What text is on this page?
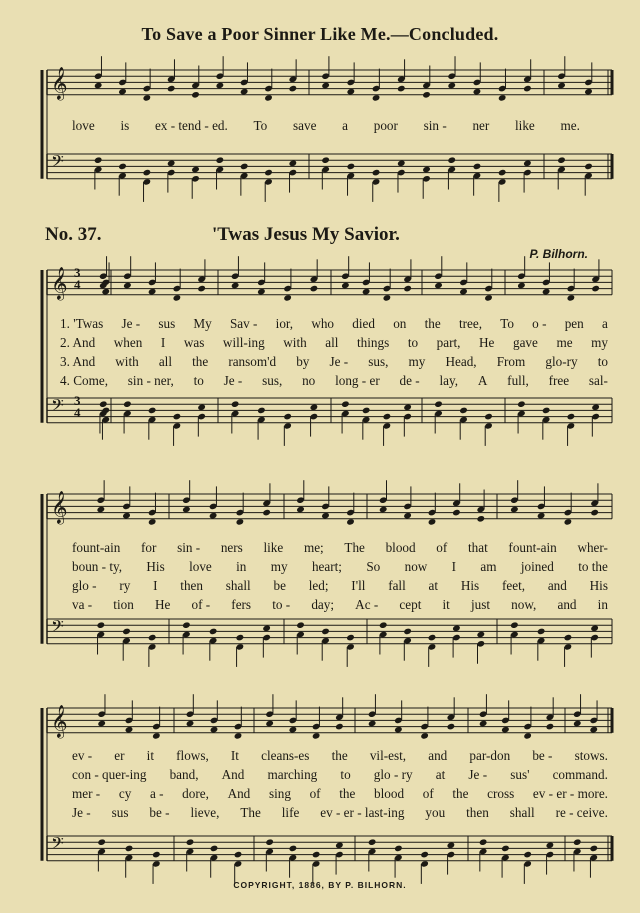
To Save a Poor Sinner Like Me.—Concluded.
𝄞
𝄢
𝄞
𝄢
𝄞
𝄢
𝄞
𝄢
3
3
4
4
love is ex - tend - ed. To save a poor sin - ner like me.
No. 37.	'Twas Jesus My Savior.
P. Bilhorn.
1. 'Twas Je - sus My Sav - ior, who died on the tree, To o - pen a
2. And when I was will-ing with all things to part, He gave me my
3. And with all the ransom'd by Je - sus, my Head, From glo-ry to
4. Come, sin - ner, to Je - sus, no long - er de - lay, A full, free sal-
fount-ain for sin - ners like me; The blood of that fount-ain wher-
boun - ty, His love in my heart; So now I am joined to the
glo - ry I then shall be led; I'll fall at His feet, and His
va - tion He of - fers to - day; Ac - cept it just now, and in
ev - er it flows, It cleans-es the vil-est, and par-don be - stows.
con - quer-ing band, And marching to glo - ry at Je - sus' command.
mer - cy a - dore, And sing of the blood of the cross ev - er - more.
Je - sus be - lieve, The life ev - er - last-ing you then shall re - ceive.
COPYRIGHT, 1886, BY P. BILHORN.
